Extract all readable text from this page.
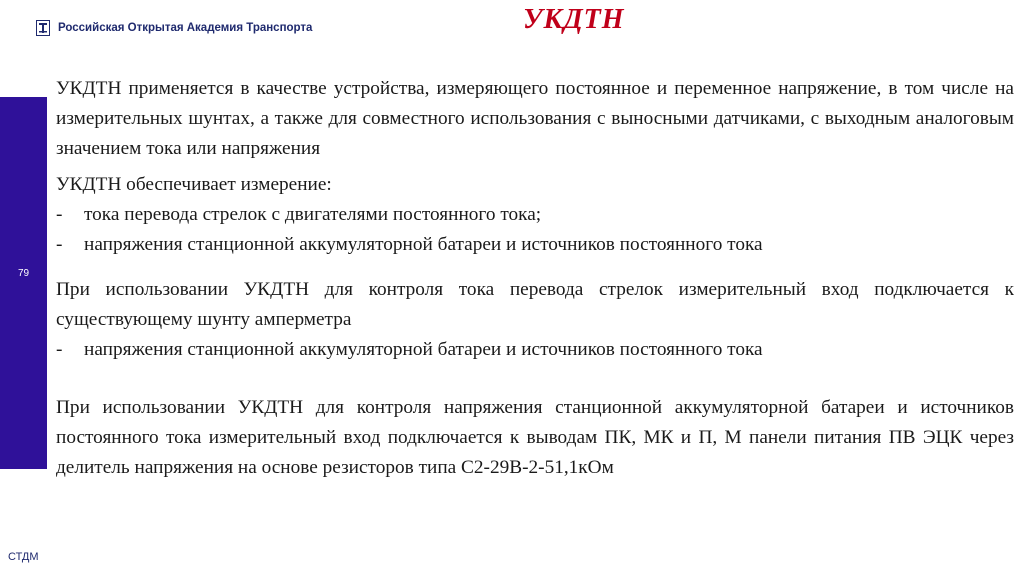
Российская Открытая Академия Транспорта	УКДТН
79
УКДТН применяется в качестве устройства, измеряющего постоянное и переменное напряжение, в том числе на измерительных шунтах, а также для совместного использования с выносными датчиками, с выходным аналоговым значением тока или напряжения
УКДТН обеспечивает измерение:
-	тока перевода стрелок с двигателями постоянного тока;
-	напряжения станционной аккумуляторной батареи и источников постоянного тока
При использовании УКДТН для контроля тока перевода стрелок измерительный вход подключается к существующему шунту амперметра
-	напряжения станционной аккумуляторной батареи и источников постоянного тока
При использовании УКДТН для контроля напряжения станционной аккумуляторной батареи и источников постоянного тока измерительный вход подключается к выводам ПК, МК и П, М панели питания ПВ ЭЦК через делитель напряжения на основе резисторов типа С2-29В-2-51,1кОм
СТДМ
